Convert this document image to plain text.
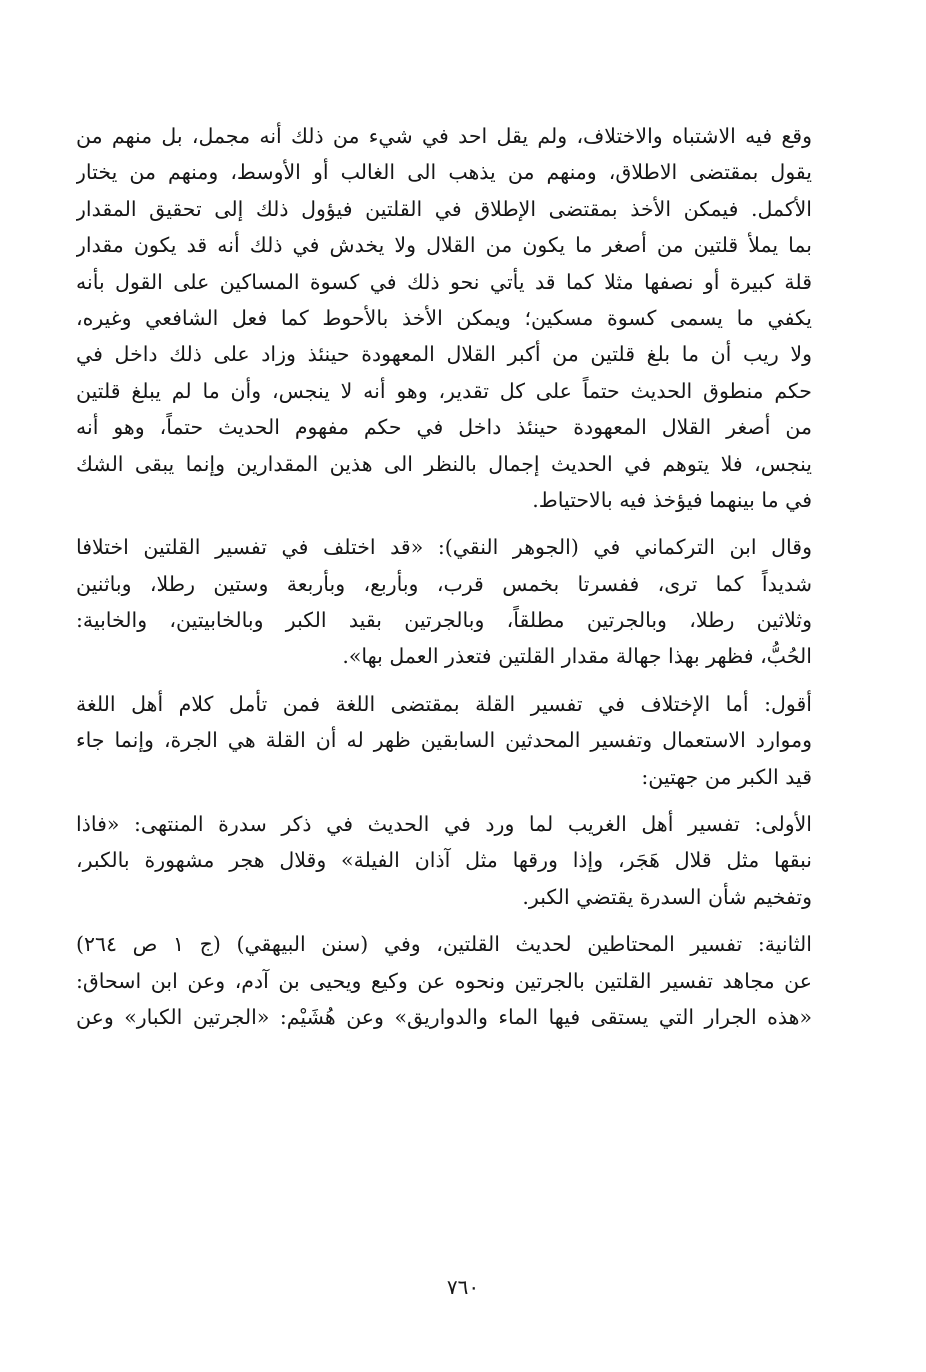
وقع فيه الاشتباه والاختلاف، ولم يقل احد في شيء من ذلك أنه مجمل، بل منهم من
يقول بمقتضى الاطلاق، ومنهم من يذهب الى الغالب أو الأوسط، ومنهم من يختار
الأكمل. فيمكن الأخذ بمقتضى الإطلاق في القلتين فيؤول ذلك إلى تحقيق المقدار
بما يملأ قلتين من أصغر ما يكون من القلال ولا يخدش في ذلك أنه قد يكون مقدار
قلة كبيرة أو نصفها مثلا كما قد يأتي نحو ذلك في كسوة المساكين على القول بأنه
يكفي ما يسمى كسوة مسكين؛ ويمكن الأخذ بالأحوط كما فعل الشافعي وغيره،
ولا ريب أن ما بلغ قلتين من أكبر القلال المعهودة حينئذ وزاد على ذلك داخل في
حكم منطوق الحديث حتماً على كل تقدير، وهو أنه لا ينجس، وأن ما لم يبلغ قلتين
من أصغر القلال المعهودة حينئذ داخل في حكم مفهوم الحديث حتماً، وهو أنه
ينجس، فلا يتوهم في الحديث إجمال بالنظر الى هذين المقدارين وإنما يبقى الشك
في ما بينهما فيؤخذ فيه بالاحتياط.
وقال ابن التركماني في (الجوهر النقي): «قد اختلف في تفسير القلتين اختلافا
شديداً كما ترى، ففسرتا بخمس قرب، وبأربع، وبأربعة وستين رطلا، وباثنين
وثلاثين رطلا، وبالجرتين مطلقاً، وبالجرتين بقيد الكبر وبالخابيتين، والخابية:
الحُبُّ، فظهر بهذا جهالة مقدار القلتين فتعذر العمل بها».
أقول: أما الإختلاف في تفسير القلة بمقتضى اللغة فمن تأمل كلام أهل اللغة
وموارد الاستعمال وتفسير المحدثين السابقين ظهر له أن القلة هي الجرة، وإنما جاء
قيد الكبر من جهتين:
الأولى: تفسير أهل الغريب لما ورد في الحديث في ذكر سدرة المنتهى: «فاذا
نبقها مثل قلال هَجَر، وإذا ورقها مثل آذان الفيلة» وقلال هجر مشهورة بالكبر،
وتفخيم شأن السدرة يقتضي الكبر.
الثانية: تفسير المحتاطين لحديث القلتين، وفي (سنن البيهقي) (ج ١ ص ٢٦٤)
عن مجاهد تفسير القلتين بالجرتين ونحوه عن وكيع ويحيى بن آدم، وعن ابن اسحاق:
«هذه الجرار التي يستقى فيها الماء والدواريق» وعن هُشَيْم: «الجرتين الكبار» وعن
٧٦٠
